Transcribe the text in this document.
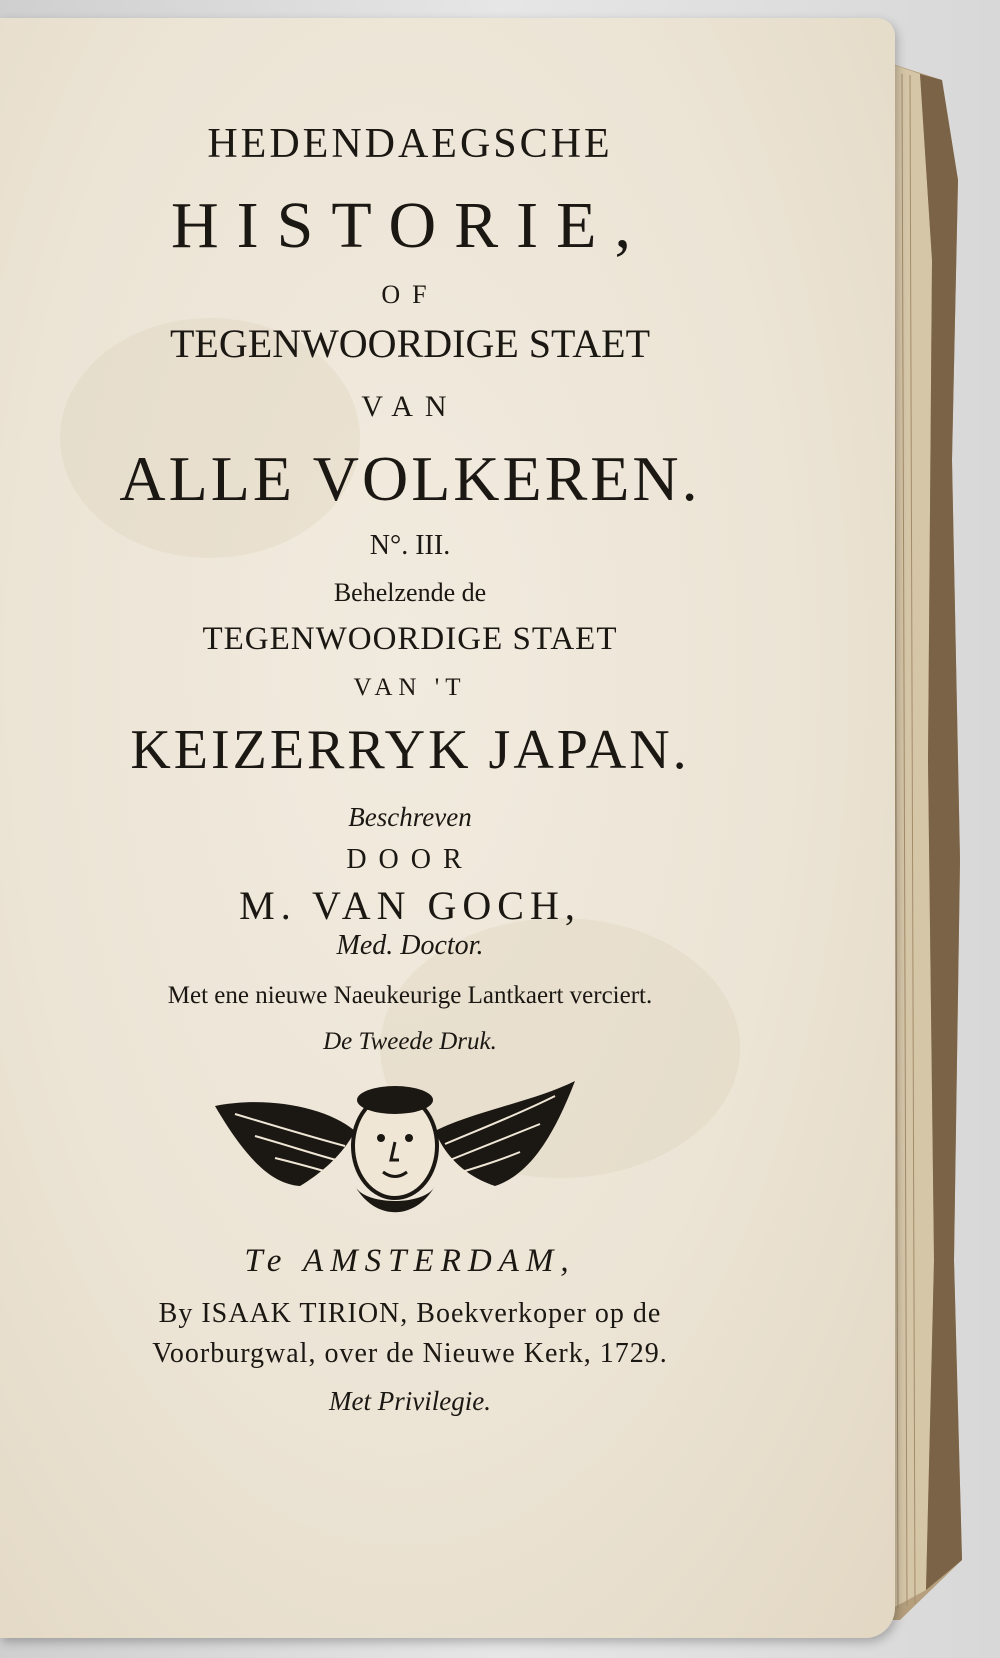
HEDENDAEGSCHE

HISTORIE,

OF

TEGENWOORDIGE STAET

VAN

ALLE VOLKEREN.

N°. III.

Behelzende de

TEGENWOORDIGE STAET

VAN 'T

KEIZERRYK JAPAN.

Beschreven

DOOR

M. VAN GOCH,

Med. Doctor.

Met ene nieuwe Naeukeurige Lantkaert verciert.

De Tweede Druk.

Te AMSTERDAM,

By ISAAK TIRION, Boekverkoper op de

Voorburgwal, over de Nieuwe Kerk, 1729.

Met Privilegie.
